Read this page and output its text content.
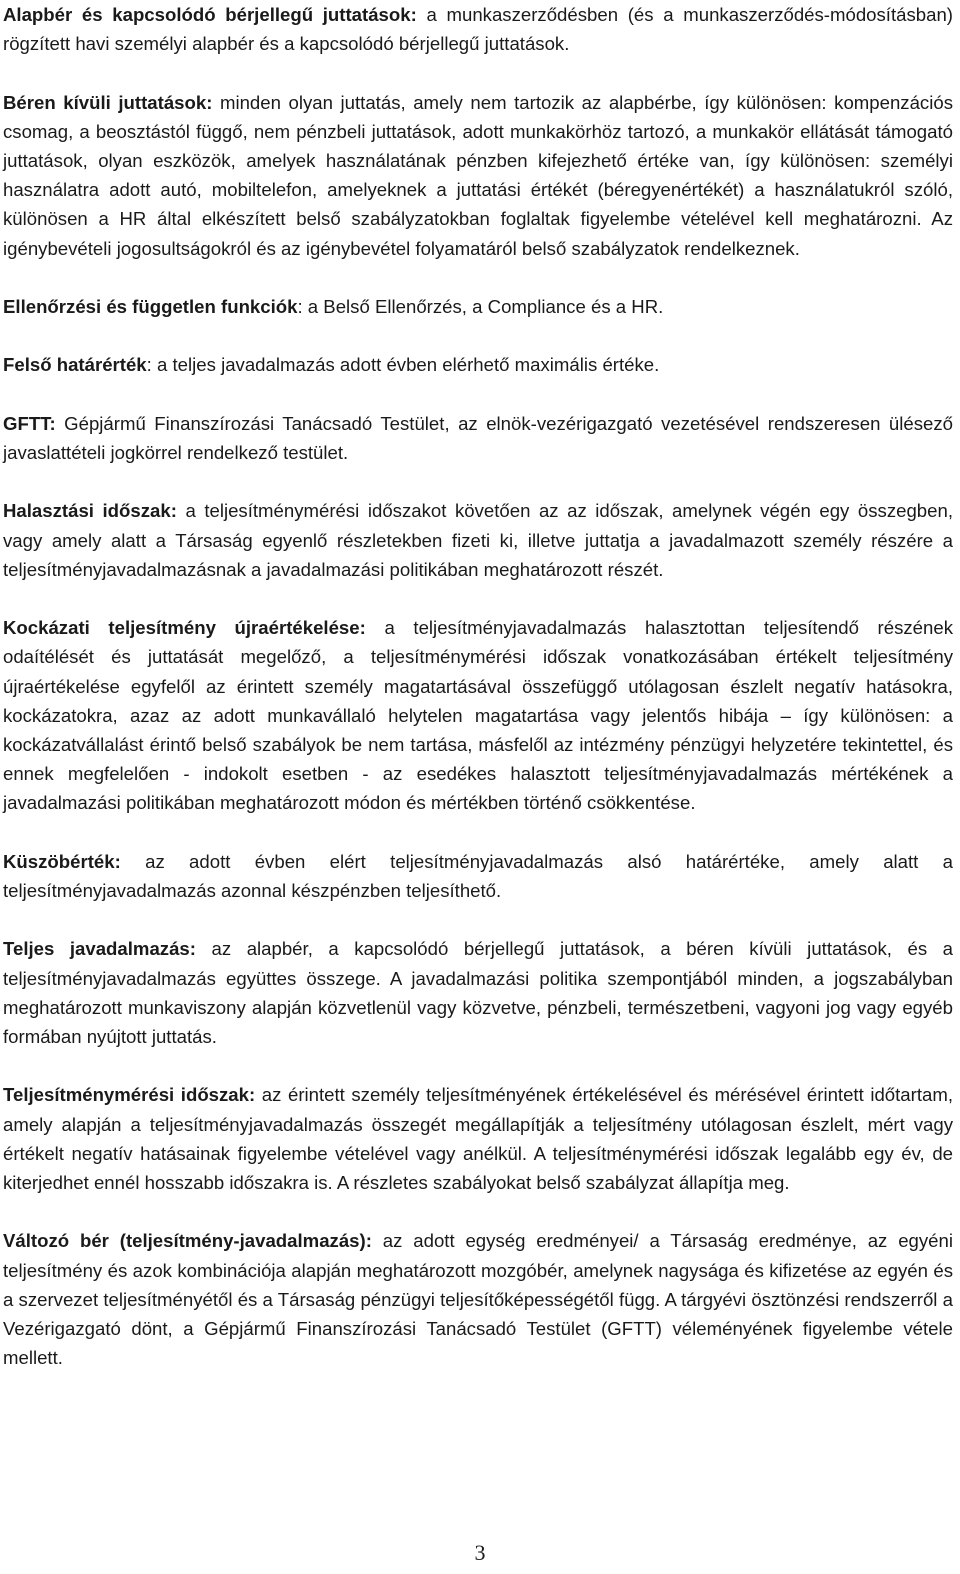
Alapbér és kapcsolódó bérjellegű juttatások: a munkaszerződésben (és a munkaszerződés-módosításban) rögzített havi személyi alapbér és a kapcsolódó bérjellegű juttatások.

Béren kívüli juttatások: minden olyan juttatás, amely nem tartozik az alapbérbe, így különösen: kompenzációs csomag, a beosztástól függő, nem pénzbeli juttatások, adott munkakörhöz tartozó, a munkakör ellátását támogató juttatások, olyan eszközök, amelyek használatának pénzben kifejezhető értéke van, így különösen: személyi használatra adott autó, mobiltelefon, amelyeknek a juttatási értékét (béregyenértékét) a használatukról szóló, különösen a HR által elkészített belső szabályzatokban foglaltak figyelembe vételével kell meghatározni. Az igénybevételi jogosultságokról és az igénybevétel folyamatáról belső szabályzatok rendelkeznek.

Ellenőrzési és független funkciók: a Belső Ellenőrzés, a Compliance és a HR.

Felső határérték: a teljes javadalmazás adott évben elérhető maximális értéke.

GFTT: Gépjármű Finanszírozási Tanácsadó Testület, az elnök-vezérigazgató vezetésével rendszeresen ülésező javaslattételi jogkörrel rendelkező testület.

Halasztási időszak: a teljesítménymérési időszakot követően az az időszak, amelynek végén egy összegben, vagy amely alatt a Társaság egyenlő részletekben fizeti ki, illetve juttatja a javadalmazott személy részére a teljesítményjavadalmazásnak a javadalmazási politikában meghatározott részét.

Kockázati teljesítmény újraértékelése: a teljesítményjavadalmazás halasztottan teljesítendő részének odaítélését és juttatását megelőző, a teljesítménymérési időszak vonatkozásában értékelt teljesítmény újraértékelése egyfelől az érintett személy magatartásával összefüggő utólagosan észlelt negatív hatásokra, kockázatokra, azaz az adott munkavállaló helytelen magatartása vagy jelentős hibája – így különösen: a kockázatvállalást érintő belső szabályok be nem tartása, másfelől az intézmény pénzügyi helyzetére tekintettel, és ennek megfelelően - indokolt esetben - az esedékes halasztott teljesítményjavadalmazás mértékének a javadalmazási politikában meghatározott módon és mértékben történő csökkentése.

Küszöbérték: az adott évben elért teljesítményjavadalmazás alsó határértéke, amely alatt a teljesítményjavadalmazás azonnal készpénzben teljesíthető.

Teljes javadalmazás: az alapbér, a kapcsolódó bérjellegű juttatások, a béren kívüli juttatások, és a teljesítményjavadalmazás együttes összege. A javadalmazási politika szempontjából minden, a jogszabályban meghatározott munkaviszony alapján közvetlenül vagy közvetve, pénzbeli, természetbeni, vagyoni jog vagy egyéb formában nyújtott juttatás.

Teljesítménymérési időszak: az érintett személy teljesítményének értékelésével és mérésével érintett időtartam, amely alapján a teljesítményjavadalmazás összegét megállapítják a teljesítmény utólagosan észlelt, mért vagy értékelt negatív hatásainak figyelembe vételével vagy anélkül. A teljesítménymérési időszak legalább egy év, de kiterjedhet ennél hosszabb időszakra is. A részletes szabályokat belső szabályzat állapítja meg.

Változó bér (teljesítmény-javadalmazás): az adott egység eredményei/ a Társaság eredménye, az egyéni teljesítmény és azok kombinációja alapján meghatározott mozgóbér, amelynek nagysága és kifizetése az egyén és a szervezet teljesítményétől és a Társaság pénzügyi teljesítőképességétől függ. A tárgyévi ösztönzési rendszerről a Vezérigazgató dönt, a Gépjármű Finanszírozási Tanácsadó Testület (GFTT) véleményének figyelembe vétele mellett.

3
